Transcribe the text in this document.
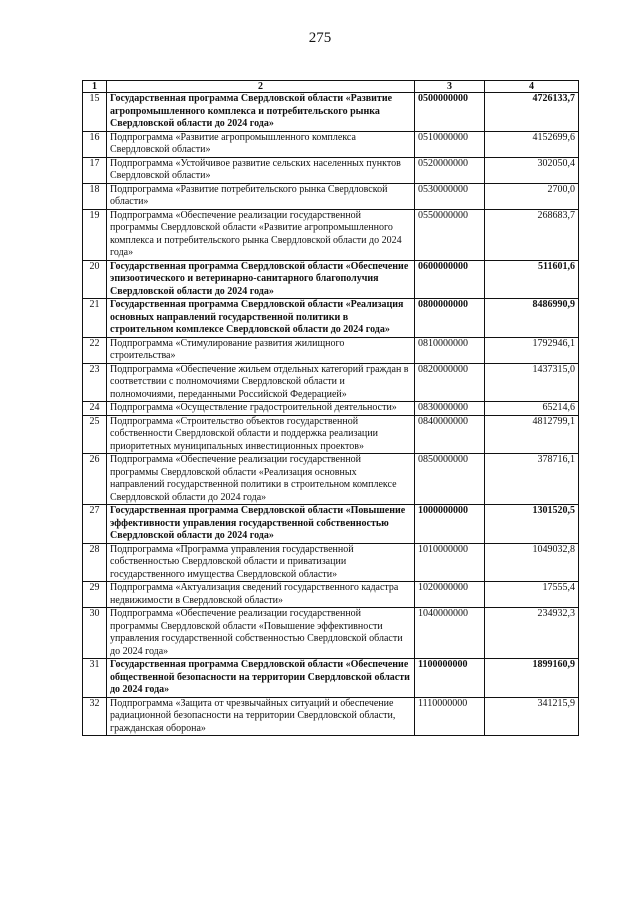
275
1	2	3	4
15	Государственная программа Свердловской области «Развитие агропромышленного комплекса и потребительского рынка Свердловской области до 2024 года»	0500000000	4726133,7
16	Подпрограмма «Развитие агропромышленного комплекса Свердловской области»	0510000000	4152699,6
17	Подпрограмма «Устойчивое развитие сельских населенных пунктов Свердловской области»	0520000000	302050,4
18	Подпрограмма «Развитие потребительского рынка Свердловской области»	0530000000	2700,0
19	Подпрограмма «Обеспечение реализации государственной программы Свердловской области «Развитие агропромышленного комплекса и потребительского рынка Свердловской области до 2024 года»	0550000000	268683,7
20	Государственная программа Свердловской области «Обеспечение эпизоотического и ветеринарно-санитарного благополучия Свердловской области до 2024 года»	0600000000	511601,6
21	Государственная программа Свердловской области «Реализация основных направлений государственной политики в строительном комплексе Свердловской области до 2024 года»	0800000000	8486990,9
22	Подпрограмма «Стимулирование развития жилищного строительства»	0810000000	1792946,1
23	Подпрограмма «Обеспечение жильем отдельных категорий граждан в соответствии с полномочиями Свердловской области и полномочиями, переданными Российской Федерацией»	0820000000	1437315,0
24	Подпрограмма «Осуществление градостроительной деятельности»	0830000000	65214,6
25	Подпрограмма «Строительство объектов государственной собственности Свердловской области и поддержка реализации приоритетных муниципальных инвестиционных проектов»	0840000000	4812799,1
26	Подпрограмма «Обеспечение реализации государственной программы Свердловской области «Реализация основных направлений государственной политики в строительном комплексе Свердловской области до 2024 года»	0850000000	378716,1
27	Государственная программа Свердловской области «Повышение эффективности управления государственной собственностью Свердловской области до 2024 года»	1000000000	1301520,5
28	Подпрограмма «Программа управления государственной собственностью Свердловской области и приватизации государственного имущества Свердловской области»	1010000000	1049032,8
29	Подпрограмма «Актуализация сведений государственного кадастра недвижимости в Свердловской области»	1020000000	17555,4
30	Подпрограмма «Обеспечение реализации государственной программы Свердловской области «Повышение эффективности управления государственной собственностью Свердловской области до 2024 года»	1040000000	234932,3
31	Государственная программа Свердловской области «Обеспечение общественной безопасности на территории Свердловской области до 2024 года»	1100000000	1899160,9
32	Подпрограмма «Защита от чрезвычайных ситуаций и обеспечение радиационной безопасности на территории Свердловской области, гражданская оборона»	1110000000	341215,9
